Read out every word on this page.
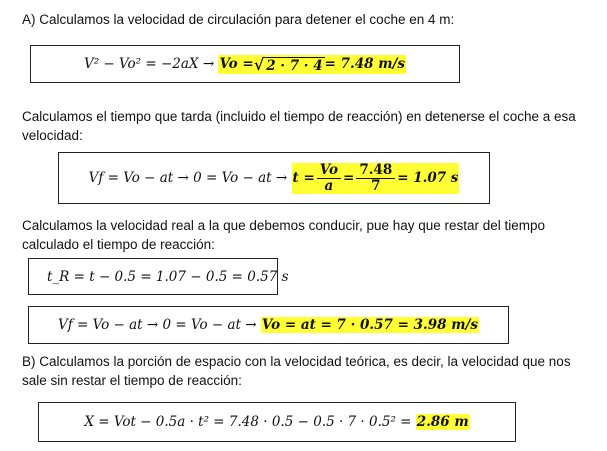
A) Calculamos la velocidad de circulación para detener el coche en 4 m:
V² − Vo² = −2aX →
Vo = √ 2 · 7 · 4 = 7.48 m/s
Calculamos el tiempo que tarda (incluido el tiempo de reacción) en detenerse el coche a esa velocidad:
Vf = Vo − at → 0 = Vo − at →
$t = \frac{Vo}{a} = \frac{7.48}{7} = 1.07$ s
Calculamos la velocidad real a la que debemos conducir, pue hay que restar del tiempo calculado el tiempo de reacción:
t_R = t − 0.5 = 1.07 − 0.5 = 0.57 s
Vf = Vo − at → 0 = Vo − at →
Vo = at = 7 · 0.57 = 3.98 m/s
B) Calculamos la porción de espacio con la velocidad teórica, es decir, la velocidad que nos sale sin restar el tiempo de reacción:
X = Vot − 0.5a · t² = 7.48 · 0.5 − 0.5 · 7 · 0.5² =
2.86 m
